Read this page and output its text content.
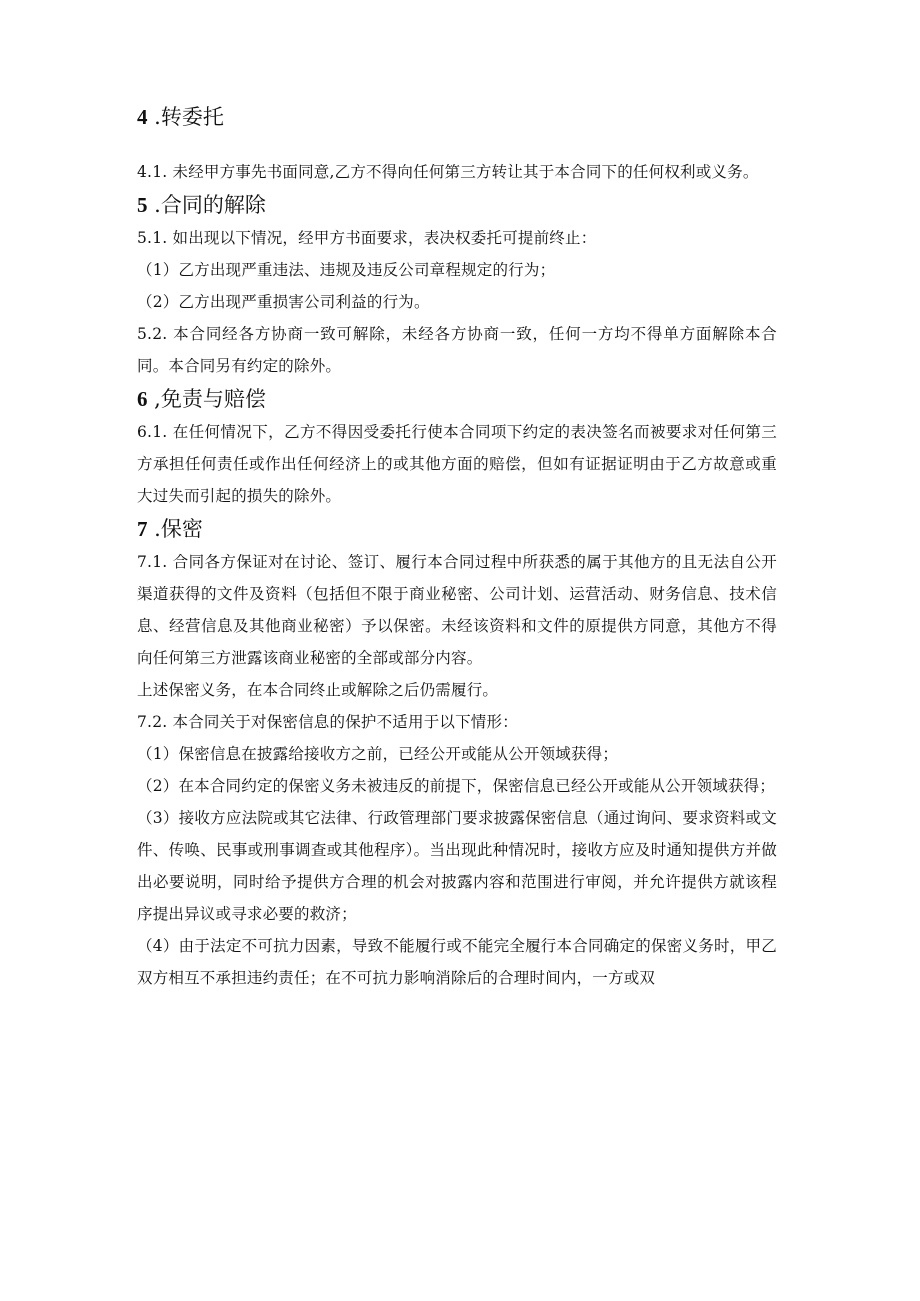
4 .转委托

4.1. 未经甲方事先书面同意,乙方不得向任何第三方转让其于本合同下的任何权利或义务。

5 .合同的解除

5.1. 如出现以下情况，经甲方书面要求，表决权委托可提前终止：

（1）乙方出现严重违法、违规及违反公司章程规定的行为；

（2）乙方出现严重损害公司利益的行为。

5.2. 本合同经各方协商一致可解除，未经各方协商一致，任何一方均不得单方面解除本合同。本合同另有约定的除外。

6 ,免责与赔偿

6.1. 在任何情况下，乙方不得因受委托行使本合同项下约定的表决签名而被要求对任何第三方承担任何责任或作出任何经济上的或其他方面的赔偿，但如有证据证明由于乙方故意或重大过失而引起的损失的除外。

7 .保密

7.1. 合同各方保证对在讨论、签订、履行本合同过程中所获悉的属于其他方的且无法自公开渠道获得的文件及资料（包括但不限于商业秘密、公司计划、运营活动、财务信息、技术信息、经营信息及其他商业秘密）予以保密。未经该资料和文件的原提供方同意，其他方不得向任何第三方泄露该商业秘密的全部或部分内容。

上述保密义务，在本合同终止或解除之后仍需履行。

7.2. 本合同关于对保密信息的保护不适用于以下情形：

（1）保密信息在披露给接收方之前，已经公开或能从公开领域获得；

（2）在本合同约定的保密义务未被违反的前提下，保密信息已经公开或能从公开领域获得；

（3）接收方应法院或其它法律、行政管理部门要求披露保密信息（通过询问、要求资料或文件、传唤、民事或刑事调查或其他程序）。当出现此种情况时，接收方应及时通知提供方并做出必要说明，同时给予提供方合理的机会对披露内容和范围进行审阅，并允许提供方就该程序提出异议或寻求必要的救济；

（4）由于法定不可抗力因素，导致不能履行或不能完全履行本合同确定的保密义务时，甲乙双方相互不承担违约责任；在不可抗力影响消除后的合理时间内，一方或双
